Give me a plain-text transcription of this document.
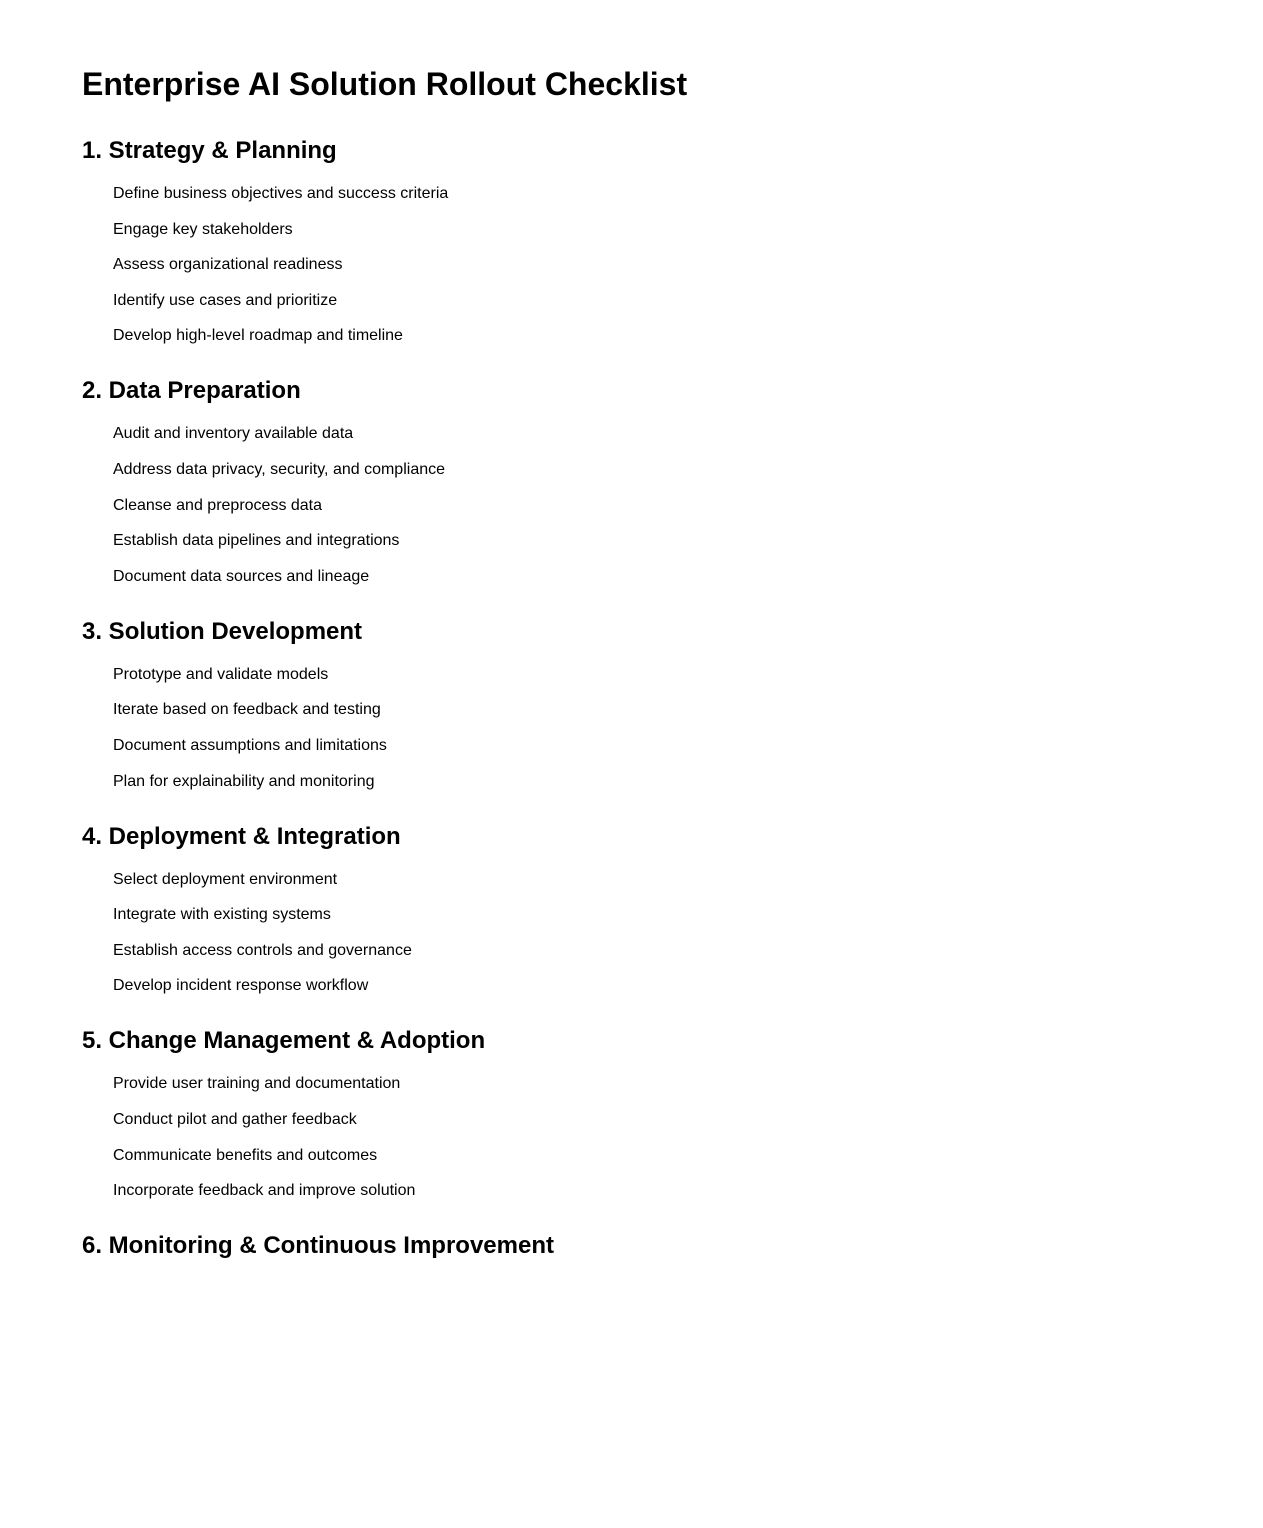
Enterprise AI Solution Rollout Checklist
1. Strategy & Planning
Define business objectives and success criteria
Engage key stakeholders
Assess organizational readiness
Identify use cases and prioritize
Develop high-level roadmap and timeline
2. Data Preparation
Audit and inventory available data
Address data privacy, security, and compliance
Cleanse and preprocess data
Establish data pipelines and integrations
Document data sources and lineage
3. Solution Development
Prototype and validate models
Iterate based on feedback and testing
Document assumptions and limitations
Plan for explainability and monitoring
4. Deployment & Integration
Select deployment environment
Integrate with existing systems
Establish access controls and governance
Develop incident response workflow
5. Change Management & Adoption
Provide user training and documentation
Conduct pilot and gather feedback
Communicate benefits and outcomes
Incorporate feedback and improve solution
6. Monitoring & Continuous Improvement
